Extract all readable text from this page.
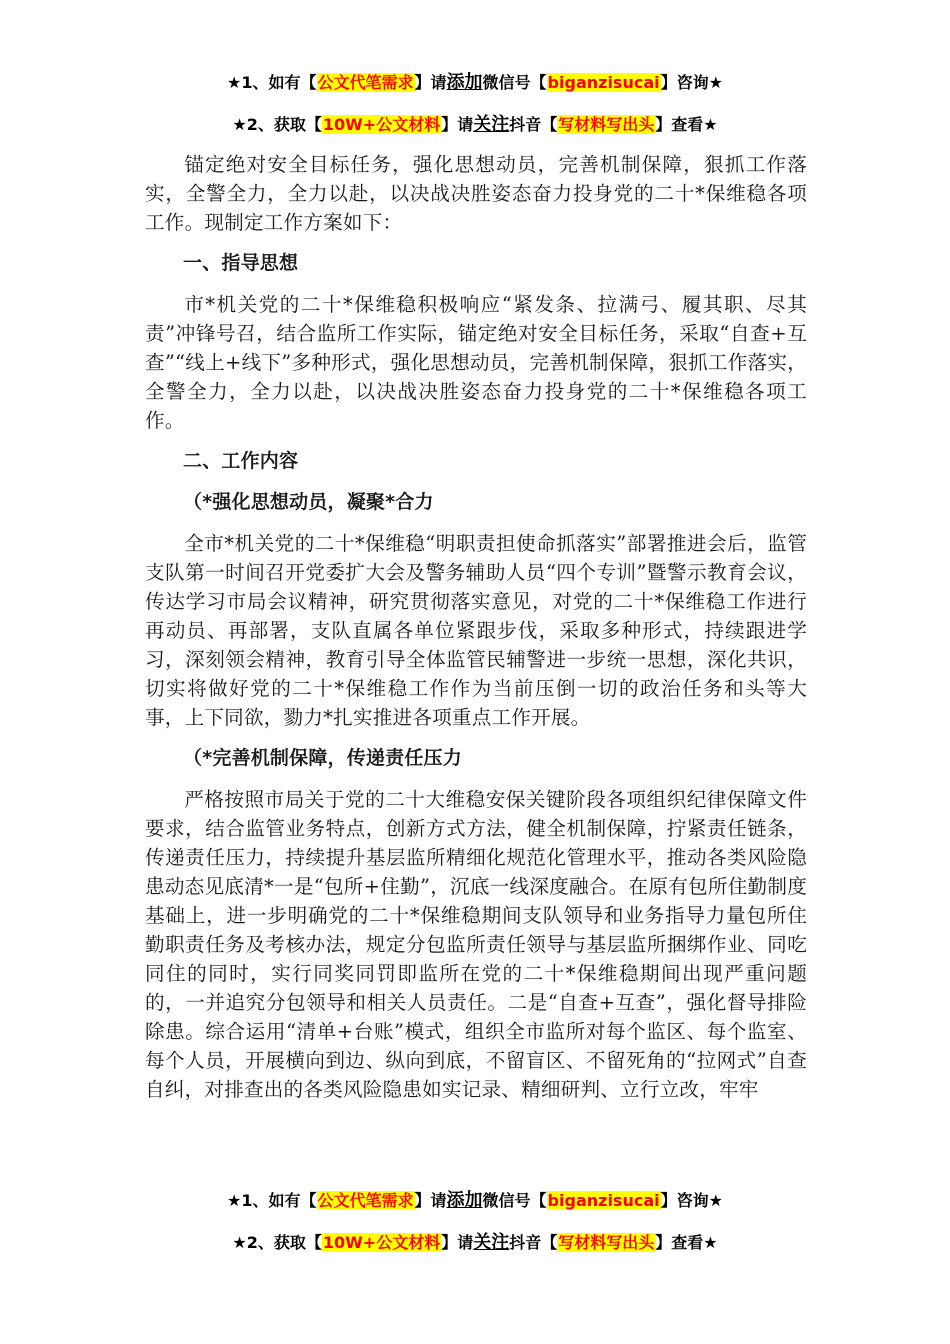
★1、如有【公文代笔需求】请添加微信号【biganzisucai】咨询★
★2、获取【10W+公文材料】请关注抖音【写材料写出头】查看★

锚定绝对安全目标任务，强化思想动员，完善机制保障，狠抓工作落实，全警全力，全力以赴，以决战决胜姿态奋力投身党的二十*保维稳各项工作。现制定工作方案如下：

一、指导思想

市*机关党的二十*保维稳积极响应“紧发条、拉满弓、履其职、尽其责”冲锋号召，结合监所工作实际，锚定绝对安全目标任务，采取“自查+互查”“线上+线下”多种形式，强化思想动员，完善机制保障，狠抓工作落实，全警全力，全力以赴，以决战决胜姿态奋力投身党的二十*保维稳各项工作。

二、工作内容
（*强化思想动员，凝聚*合力

全市*机关党的二十*保维稳“明职责担使命抓落实”部署推进会后，监管支队第一时间召开党委扩大会及警务辅助人员“四个专训”暨警示教育会议，传达学习市局会议精神，研究贯彻落实意见，对党的二十*保维稳工作进行再动员、再部署，支队直属各单位紧跟步伐，采取多种形式，持续跟进学习，深刻领会精神，教育引导全体监管民辅警进一步统一思想，深化共识，切实将做好党的二十*保维稳工作作为当前压倒一切的政治任务和头等大事，上下同欲，勠力*扎实推进各项重点工作开展。

（*完善机制保障，传递责任压力

严格按照市局关于党的二十大维稳安保关键阶段各项组织纪律保障文件要求，结合监管业务特点，创新方式方法，健全机制保障，拧紧责任链条，传递责任压力，持续提升基层监所精细化规范化管理水平，推动各类风险隐患动态见底清*一是“包所+住勤”，沉底一线深度融合。在原有包所住勤制度基础上，进一步明确党的二十*保维稳期间支队领导和业务指导力量包所住勤职责任务及考核办法，规定分包监所责任领导与基层监所捆绑作业、同吃同住的同时，实行同奖同罚即监所在党的二十*保维稳期间出现严重问题的，一并追究分包领导和相关人员责任。二是“自查+互查”，强化督导排险除患。综合运用“清单+台账”模式，组织全市监所对每个监区、每个监室、每个人员，开展横向到边、纵向到底，不留盲区、不留死角的“拉网式”自查自纠，对排查出的各类风险隐患如实记录、精细研判、立行立改，牢牢

★1、如有【公文代笔需求】请添加微信号【biganzisucai】咨询★
★2、获取【10W+公文材料】请关注抖音【写材料写出头】查看★
